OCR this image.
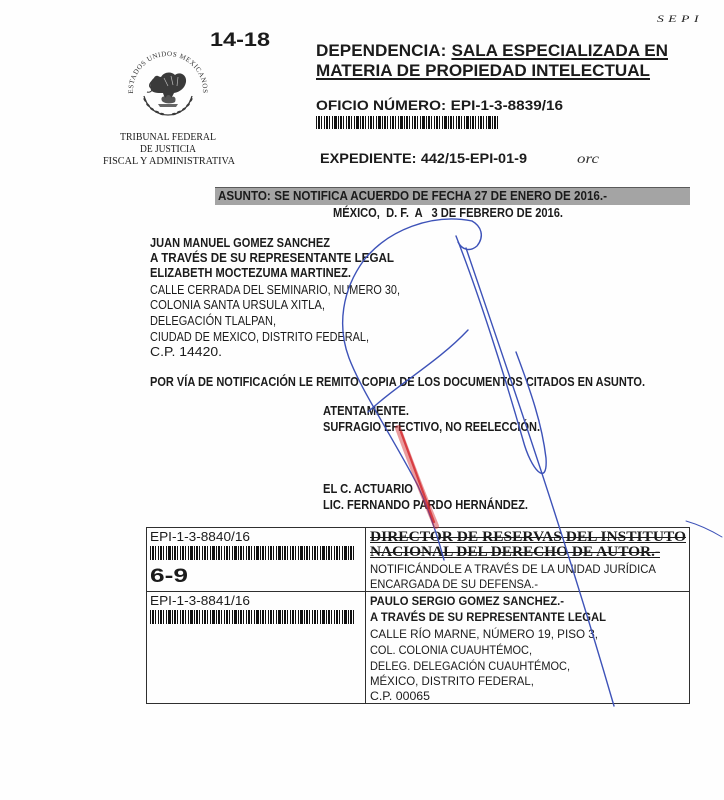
SEPI
14-18
ESTADOS UNIDOS MEXICANOS
TRIBUNAL FEDERAL
DE JUSTICIA
FISCAL Y ADMINISTRATIVA
DEPENDENCIA: SALA ESPECIALIZADA EN
MATERIA DE PROPIEDAD INTELECTUAL
OFICIO NÚMERO: EPI-1-3-8839/16
EXPEDIENTE: 442/15-EPI-01-9	orc
ASUNTO: SE NOTIFICA ACUERDO DE FECHA 27 DE ENERO DE 2016.-
MÉXICO,  D. F.  A   3 DE FEBRERO DE 2016.
JUAN MANUEL GOMEZ SANCHEZ
A TRAVÉS DE SU REPRESENTANTE LEGAL
ELIZABETH MOCTEZUMA MARTINEZ.
CALLE CERRADA DEL SEMINARIO, NUMERO 30,
COLONIA SANTA URSULA XITLA,
DELEGACIÓN TLALPAN,
CIUDAD DE MEXICO, DISTRITO FEDERAL,
C.P. 14420.
POR VÍA DE NOTIFICACIÓN LE REMITO COPIA DE LOS DOCUMENTOS CITADOS EN ASUNTO.
ATENTAMENTE.
SUFRAGIO EFECTIVO, NO REELECCIÓN.
EL C. ACTUARIO
LIC. FERNANDO PARDO HERNÁNDEZ.
EPI-1-3-8840/16
6-9
DIRECTOR DE RESERVAS DEL INSTITUTO
NACIONAL DEL DERECHO DE AUTOR.-
NOTIFICÁNDOLE A TRAVÉS DE LA UNIDAD JURÍDICA
ENCARGADA DE SU DEFENSA.-
EPI-1-3-8841/16	PAULO SERGIO GOMEZ SANCHEZ.-
A TRAVÉS DE SU REPRESENTANTE LEGAL
CALLE RÍO MARNE, NÚMERO 19, PISO 3,
COL. COLONIA CUAUHTÉMOC,
DELEG. DELEGACIÓN CUAUHTÉMOC,
MÉXICO, DISTRITO FEDERAL,
C.P. 00065
